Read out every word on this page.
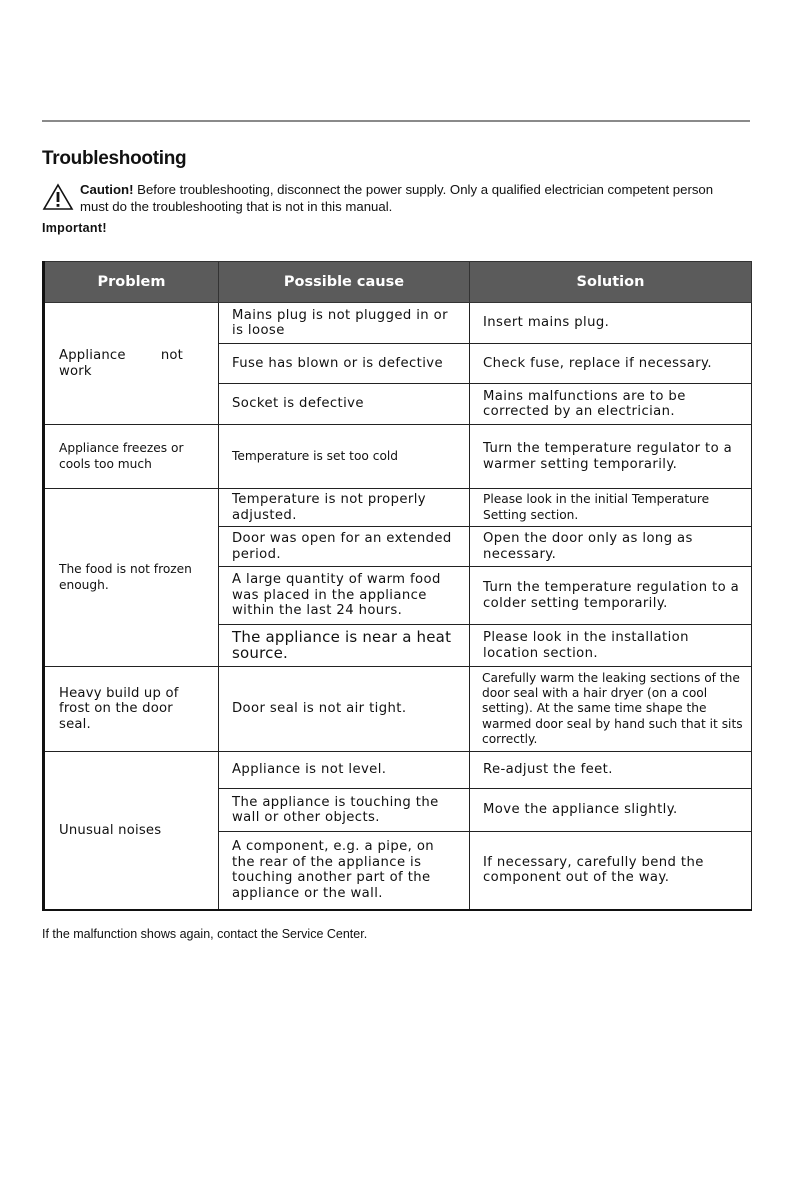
Troubleshooting
Caution! Before troubleshooting, disconnect the power supply. Only a qualified electrician competent person must do the troubleshooting that is not in this manual.
Important!
Problem	Possible cause	Solution
Appliance        not work	Mains plug is not plugged in or is loose	Insert mains plug.
	Fuse has blown or is defective	Check fuse, replace if necessary.
	Socket is defective	Mains malfunctions are to be corrected by an electrician.
Appliance freezes or cools too much	Temperature is set too cold	Turn the temperature regulator to a warmer setting temporarily.
The food is not frozen enough.	Temperature is not properly adjusted.	Please look in the initial Temperature Setting section.
	Door was open for an extended period.	Open the door only as long as necessary.
	A large quantity of warm food was placed in the appliance within the last 24 hours.	Turn the temperature regulation to a colder setting temporarily.
	The appliance is near a heat source.	Please look in the installation location section.
Heavy build up of frost on the door seal.	Door seal is not air tight.	Carefully warm the leaking sections of the door seal with a hair dryer (on a cool setting). At the same time shape the warmed door seal by hand such that it sits correctly.
Unusual noises	Appliance is not level.	Re-adjust the feet.
	The appliance is touching the wall or other objects.	Move the appliance slightly.
	A component, e.g. a pipe, on the rear of the appliance is touching another part of the appliance or the wall.	If necessary, carefully bend the component out of the way.
If the malfunction shows again, contact the Service Center.
